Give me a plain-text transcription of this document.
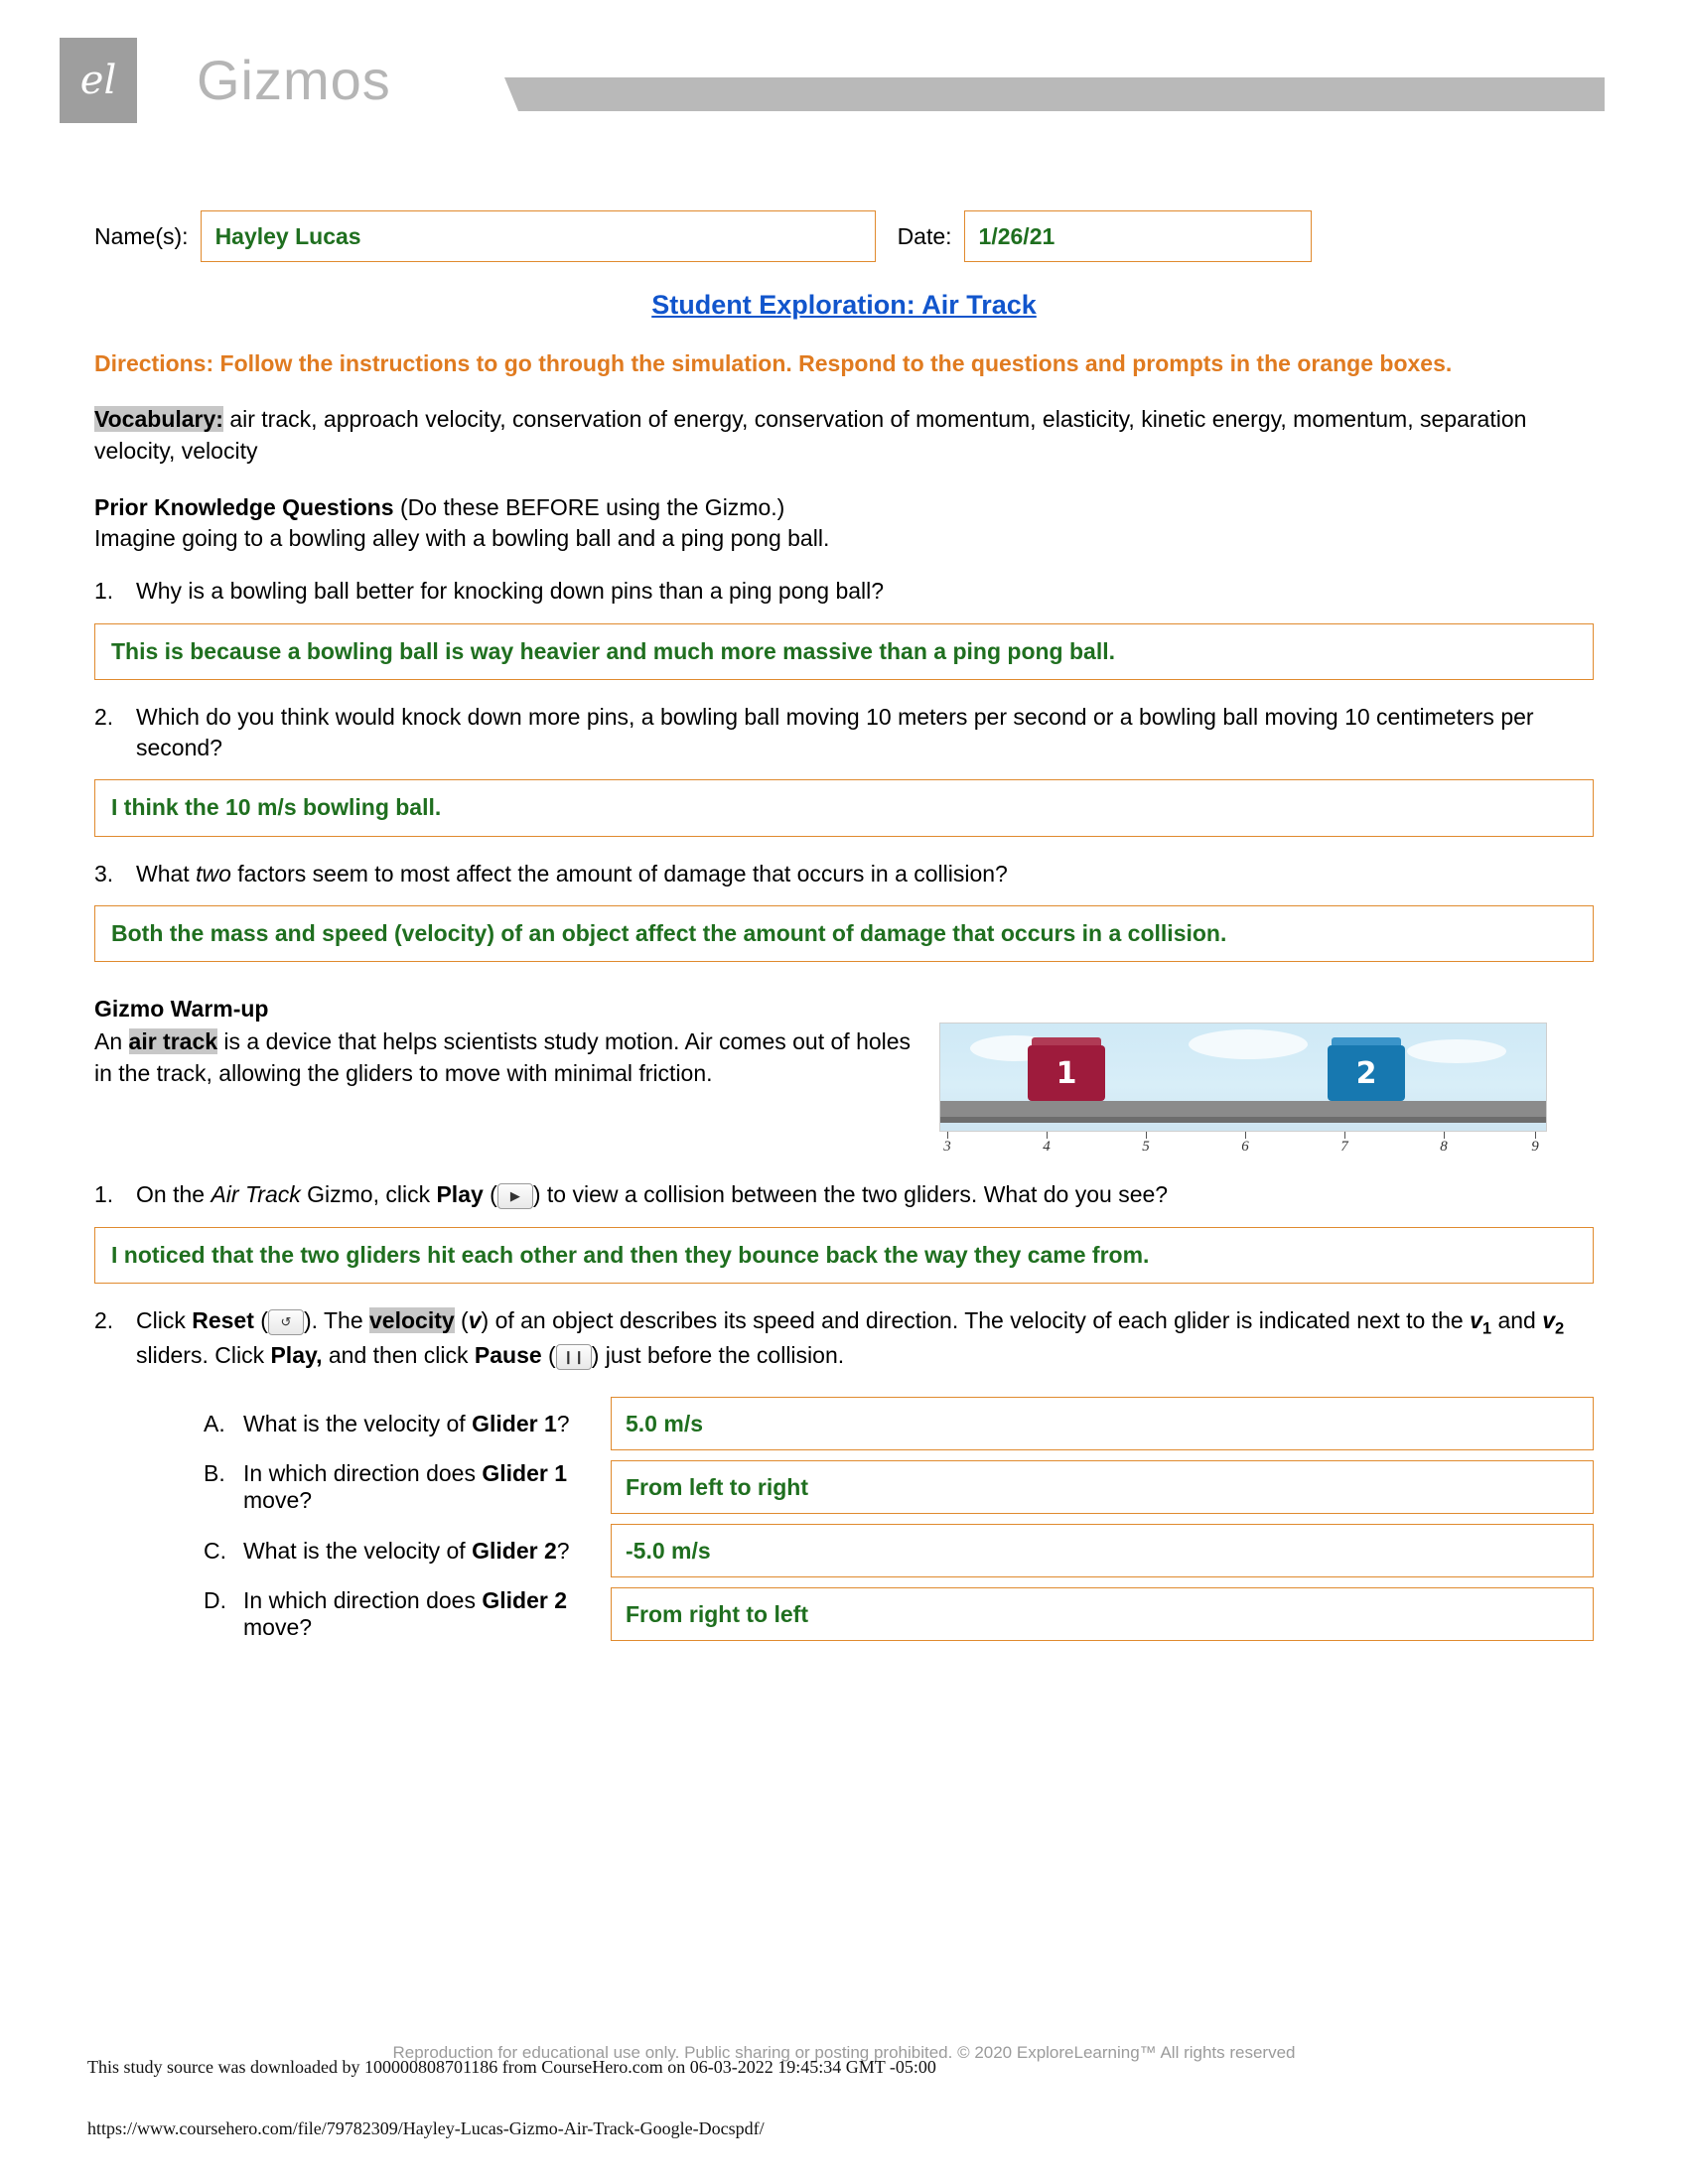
el Gizmos
Name(s): Hayley Lucas	Date: 1/26/21
Student Exploration: Air Track
Directions: Follow the instructions to go through the simulation. Respond to the questions and prompts in the orange boxes.
Vocabulary: air track, approach velocity, conservation of energy, conservation of momentum, elasticity, kinetic energy, momentum, separation velocity, velocity
Prior Knowledge Questions (Do these BEFORE using the Gizmo.)
Imagine going to a bowling alley with a bowling ball and a ping pong ball.
1. Why is a bowling ball better for knocking down pins than a ping pong ball?
This is because a bowling ball is way heavier and much more massive than a ping pong ball.
2. Which do you think would knock down more pins, a bowling ball moving 10 meters per second or a bowling ball moving 10 centimeters per second?
I think the 10 m/s bowling ball.
3. What two factors seem to most affect the amount of damage that occurs in a collision?
Both the mass and speed (velocity) of an object affect the amount of damage that occurs in a collision.
Gizmo Warm-up
An air track is a device that helps scientists study motion. Air comes out of holes in the track, allowing the gliders to move with minimal friction.	1	2
3	4	5	6	7	8	9
1. On the Air Track Gizmo, click Play ( ▶ ) to view a collision between the two gliders. What do you see?
I noticed that the two gliders hit each other and then they bounce back the way they came from.
2. Click Reset ( ↺ ). The velocity (v) of an object describes its speed and direction. The velocity of each glider is indicated next to the $v_1$ and $v_2$ sliders. Click Play, and then click Pause ( ❙❙ ) just before the collision.
A. What is the velocity of Glider 1? 5.0 m/s
B. In which direction does Glider 1 move?
From left to right
C. What is the velocity of Glider 2? -5.0 m/s
D. In which direction does Glider 2 move?
From right to left
Reproduction for educational use only. Public sharing or posting prohibited. © 2020 ExploreLearning™ All rights reserved
This study source was downloaded by 100000808701186 from CourseHero.com on 06-03-2022 19:45:34 GMT -05:00
https://www.coursehero.com/file/79782309/Hayley-Lucas-Gizmo-Air-Track-Google-Docspdf/
